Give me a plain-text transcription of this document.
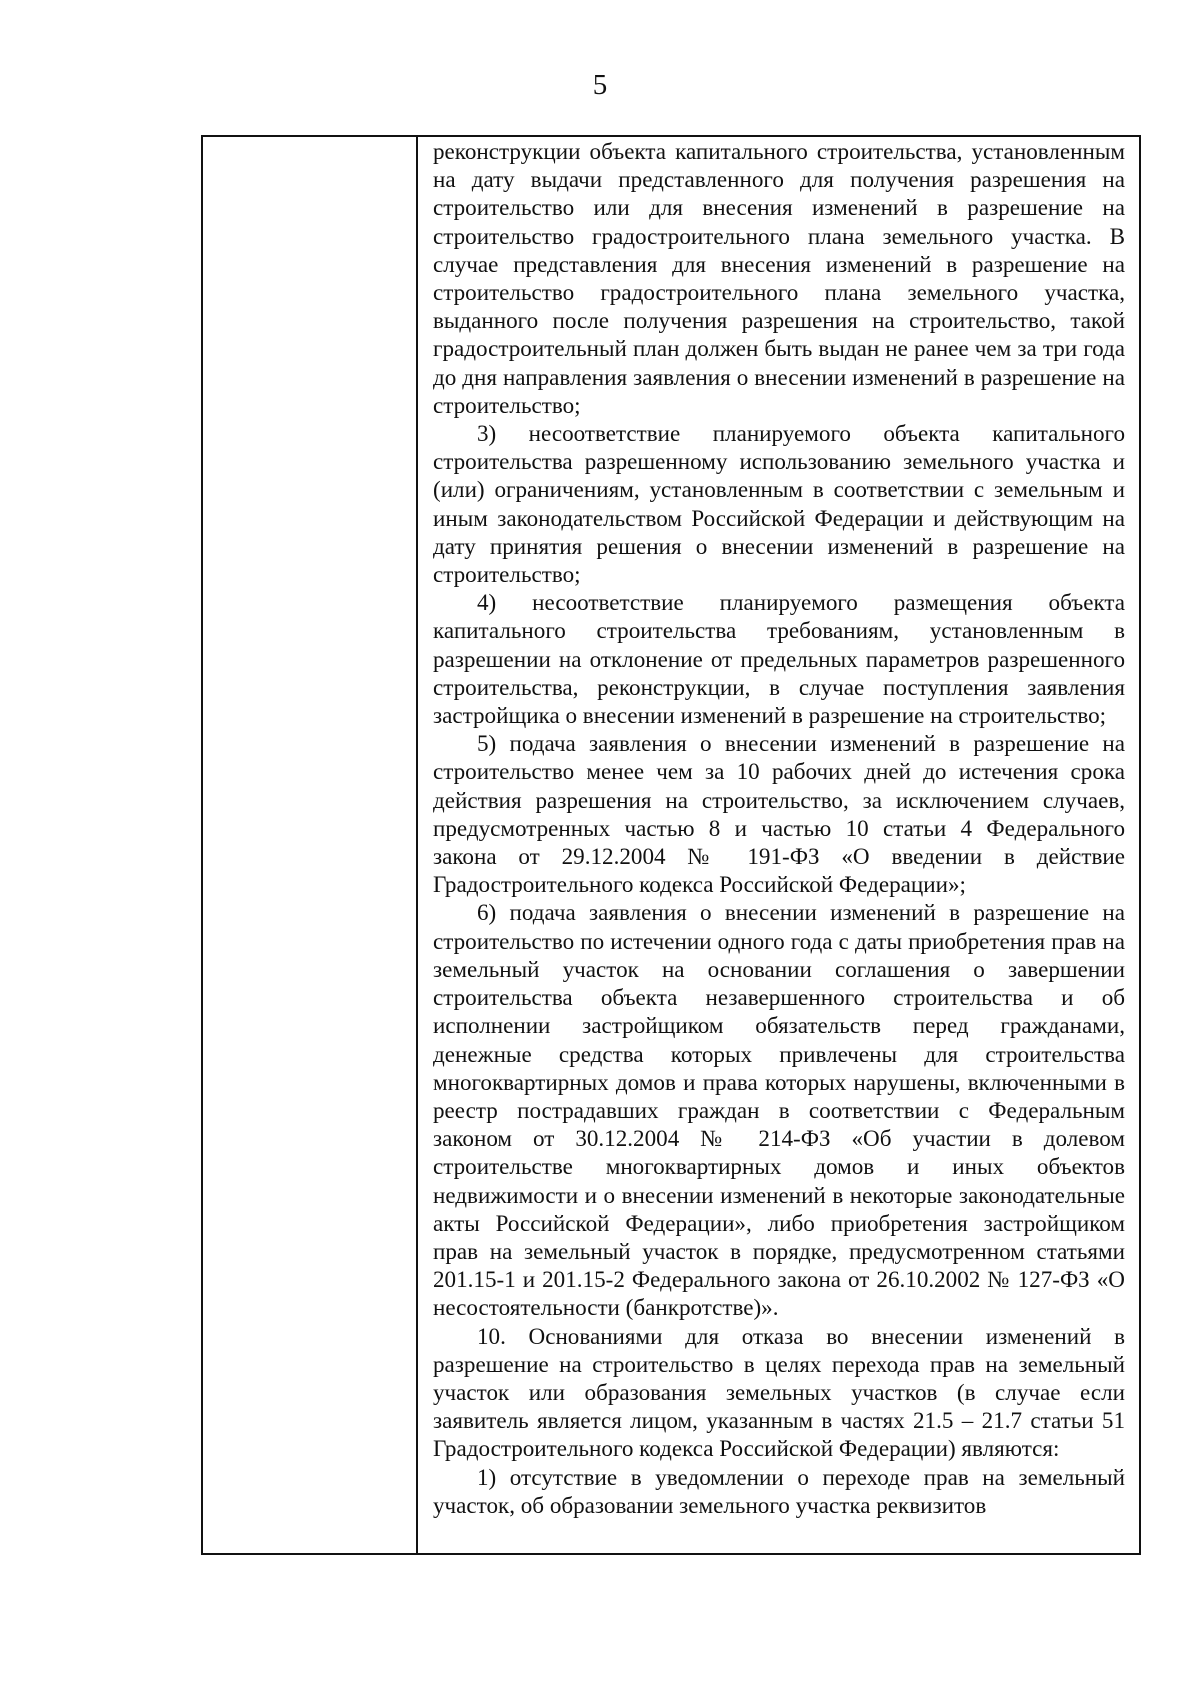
5

реконструкции объекта капитального строительства, установленным на дату выдачи представленного для получения разрешения на строительство или для внесения изменений в разрешение на строительство градостроительного плана земельного участка. В случае представления для внесения изменений в разрешение на строительство градостроительного плана земельного участка, выданного после получения разрешения на строительство, такой градостроительный план должен быть выдан не ранее чем за три года до дня направления заявления о внесении изменений в разрешение на строительство;

3) несоответствие планируемого объекта капитального строительства разрешенному использованию земельного участка и (или) ограничениям, установленным в соответствии с земельным и иным законодательством Российской Федерации и действующим на дату принятия решения о внесении изменений в разрешение на строительство;

4) несоответствие планируемого размещения объекта капитального строительства требованиям, установленным в разрешении на отклонение от предельных параметров разрешенного строительства, реконструкции, в случае поступления заявления застройщика о внесении изменений в разрешение на строительство;

5) подача заявления о внесении изменений в разрешение на строительство менее чем за 10 рабочих дней до истечения срока действия разрешения на строительство, за исключением случаев, предусмотренных частью 8 и частью 10 статьи 4 Федерального закона от 29.12.2004 № 191-ФЗ «О введении в действие Градостроительного кодекса Российской Федерации»;

6) подача заявления о внесении изменений в разрешение на строительство по истечении одного года с даты приобретения прав на земельный участок на основании соглашения о завершении строительства объекта незавершенного строительства и об исполнении застройщиком обязательств перед гражданами, денежные средства которых привлечены для строительства многоквартирных домов и права которых нарушены, включенными в реестр пострадавших граждан в соответствии с Федеральным законом от 30.12.2004 № 214-ФЗ «Об участии в долевом строительстве многоквартирных домов и иных объектов недвижимости и о внесении изменений в некоторые законодательные акты Российской Федерации», либо приобретения застройщиком прав на земельный участок в порядке, предусмотренном статьями 201.15-1 и 201.15-2 Федерального закона от 26.10.2002 № 127-ФЗ «О несостоятельности (банкротстве)».

10. Основаниями для отказа во внесении изменений в разрешение на строительство в целях перехода прав на земельный участок или образования земельных участков (в случае если заявитель является лицом, указанным в частях 21.5 – 21.7 статьи 51 Градостроительного кодекса Российской Федерации) являются:

1) отсутствие в уведомлении о переходе прав на земельный участок, об образовании земельного участка реквизитов
